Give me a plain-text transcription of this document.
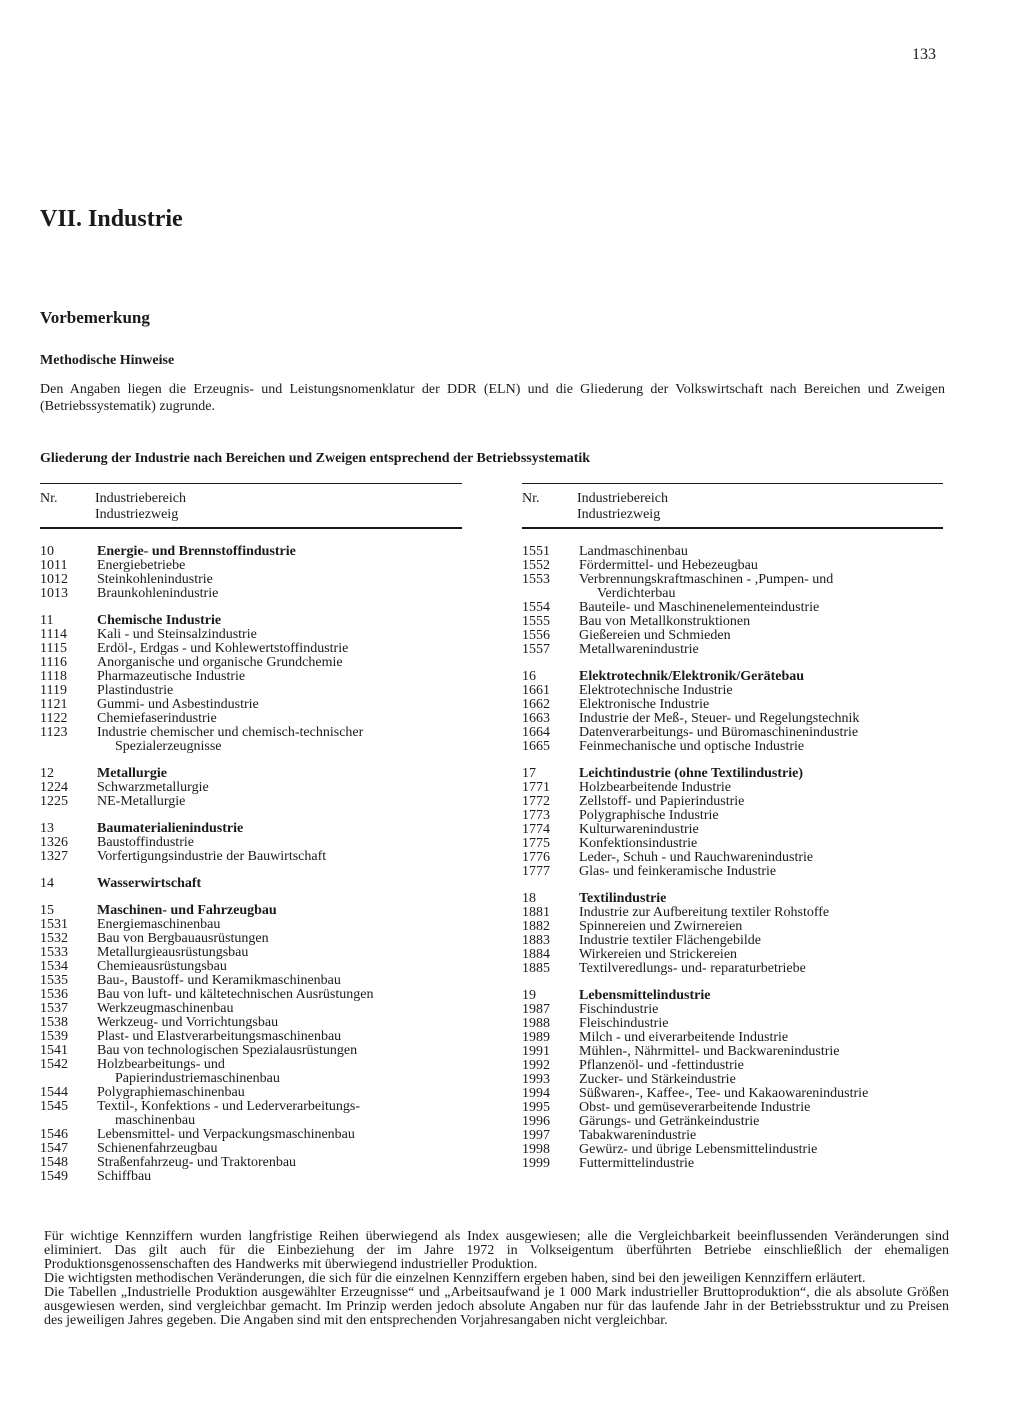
133
VII. Industrie
Vorbemerkung
Methodische Hinweise

Den Angaben liegen die Erzeugnis- und Leistungsnomenklatur der DDR (ELN) und die Gliederung der Volkswirtschaft nach Bereichen und Zweigen (Betriebssystematik) zugrunde.

Gliederung der Industrie nach Bereichen und Zweigen entsprechend der Betriebssystematik
Nr.	Industriebereich
Industriezweig
10	Energie- und Brennstoffindustrie
1011	Energiebetriebe
1012	Steinkohlenindustrie
1013	Braunkohlenindustrie
11	Chemische Industrie
1114	Kali - und Steinsalzindustrie
1115	Erdöl-, Erdgas - und Kohlewertstoffindustrie
1116	Anorganische und organische Grundchemie
1118	Pharmazeutische Industrie
1119	Plastindustrie
1121	Gummi- und Asbestindustrie
1122	Chemiefaserindustrie
1123	Industrie chemischer und chemisch-technischer
Spezialerzeugnisse
12	Metallurgie
1224	Schwarzmetallurgie
1225	NE-Metallurgie
13	Baumaterialienindustrie
1326	Baustoffindustrie
1327	Vorfertigungsindustrie der Bauwirtschaft
14	Wasserwirtschaft
15	Maschinen- und Fahrzeugbau
1531	Energiemaschinenbau
1532	Bau von Bergbauausrüstungen
1533	Metallurgieausrüstungsbau
1534	Chemieausrüstungsbau
1535	Bau-, Baustoff- und Keramikmaschinenbau
1536	Bau von luft- und kältetechnischen Ausrüstungen
1537	Werkzeugmaschinenbau
1538	Werkzeug- und Vorrichtungsbau
1539	Plast- und Elastverarbeitungsmaschinenbau
1541	Bau von technologischen Spezialausrüstungen
1542	Holzbearbeitungs- und
Papierindustriemaschinenbau
1544	Polygraphiemaschinenbau
1545	Textil-, Konfektions - und Lederverarbeitungs-
maschinenbau
1546	Lebensmittel- und Verpackungsmaschinenbau
1547	Schienenfahrzeugbau
1548	Straßenfahrzeug- und Traktorenbau
1549	Schiffbau
Nr.	Industriebereich
Industriezweig
1551	Landmaschinenbau
1552	Fördermittel- und Hebezeugbau
1553	Verbrennungskraftmaschinen - ,Pumpen- und
Verdichterbau
1554	Bauteile- und Maschinenelementeindustrie
1555	Bau von Metallkonstruktionen
1556	Gießereien und Schmieden
1557	Metallwarenindustrie
16	Elektrotechnik/Elektronik/Gerätebau
1661	Elektrotechnische Industrie
1662	Elektronische Industrie
1663	Industrie der Meß-, Steuer- und Regelungstechnik
1664	Datenverarbeitungs- und Büromaschinenindustrie
1665	Feinmechanische und optische Industrie
17	Leichtindustrie (ohne Textilindustrie)
1771	Holzbearbeitende Industrie
1772	Zellstoff- und Papierindustrie
1773	Polygraphische Industrie
1774	Kulturwarenindustrie
1775	Konfektionsindustrie
1776	Leder-, Schuh - und Rauchwarenindustrie
1777	Glas- und feinkeramische Industrie
18	Textilindustrie
1881	Industrie zur Aufbereitung textiler Rohstoffe
1882	Spinnereien und Zwirnereien
1883	Industrie textiler Flächengebilde
1884	Wirkereien und Strickereien
1885	Textilveredlungs- und- reparaturbetriebe
19	Lebensmittelindustrie
1987	Fischindustrie
1988	Fleischindustrie
1989	Milch - und eiverarbeitende Industrie
1991	Mühlen-, Nährmittel- und Backwarenindustrie
1992	Pflanzenöl- und -fettindustrie
1993	Zucker- und Stärkeindustrie
1994	Süßwaren-, Kaffee-, Tee- und Kakaowarenindustrie
1995	Obst- und gemüseverarbeitende Industrie
1996	Gärungs- und Getränkeindustrie
1997	Tabakwarenindustrie
1998	Gewürz- und übrige Lebensmittelindustrie
1999	Futtermittelindustrie

Für wichtige Kennziffern wurden langfristige Reihen überwiegend als Index ausgewiesen; alle die Vergleichbarkeit beeinflussenden Veränderungen sind eliminiert. Das gilt auch für die Einbeziehung der im Jahre 1972 in Volkseigentum überführten Betriebe einschließlich der ehemaligen Produktionsgenossenschaften des Handwerks mit überwiegend industrieller Produktion.

Die wichtigsten methodischen Veränderungen, die sich für die einzelnen Kennziffern ergeben haben, sind bei den jeweiligen Kennziffern erläutert.

Die Tabellen „Industrielle Produktion ausgewählter Erzeugnisse“ und „Arbeitsaufwand je 1 000 Mark industrieller Bruttoproduktion“, die als absolute Größen ausgewiesen werden, sind vergleichbar gemacht. Im Prinzip werden jedoch absolute Angaben nur für das laufende Jahr in der Betriebsstruktur und zu Preisen des jeweiligen Jahres gegeben. Die Angaben sind mit den entsprechenden Vorjahresangaben nicht vergleichbar.
